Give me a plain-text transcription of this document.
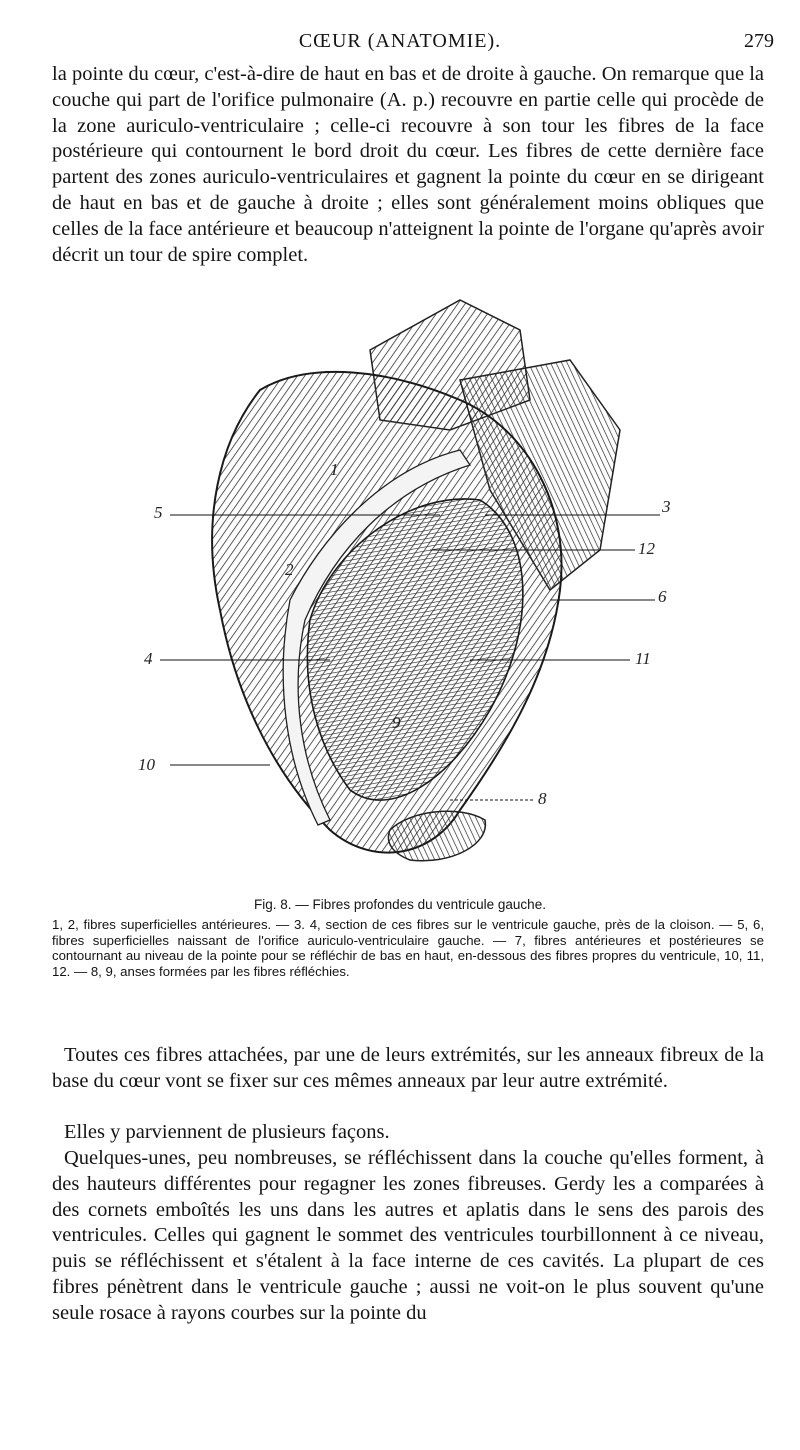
CŒUR (ANATOMIE).	279

la pointe du cœur, c'est-à-dire de haut en bas et de droite à gauche. On remarque que la couche qui part de l'orifice pulmonaire (A. p.) recouvre en partie celle qui procède de la zone auriculo-ventriculaire ; celle-ci recouvre à son tour les fibres de la face postérieure qui contournent le bord droit du cœur. Les fibres de cette dernière face partent des zones auriculo-ventriculaires et gagnent la pointe du cœur en se dirigeant de haut en bas et de gauche à droite ; elles sont généralement moins obliques que celles de la face antérieure et beaucoup n'atteignent la pointe de l'organe qu'après avoir décrit un tour de spire complet.

1
2
3
4
5
6
8
9
10
11
12
Fig. 8. — Fibres profondes du ventricule gauche.

1, 2, fibres superficielles antérieures. — 3. 4, section de ces fibres sur le ventricule gauche, près de la cloison. — 5, 6, fibres superficielles naissant de l'orifice auriculo-ventriculaire gauche. — 7, fibres antérieures et postérieures se contournant au niveau de la pointe pour se réfléchir de bas en haut, en-dessous des fibres propres du ventricule, 10, 11, 12. — 8, 9, anses formées par les fibres réfléchies.

Toutes ces fibres attachées, par une de leurs extrémités, sur les anneaux fibreux de la base du cœur vont se fixer sur ces mêmes anneaux par leur autre extrémité.

Elles y parviennent de plusieurs façons.

Quelques-unes, peu nombreuses, se réfléchissent dans la couche qu'elles forment, à des hauteurs différentes pour regagner les zones fibreuses. Gerdy les a comparées à des cornets emboîtés les uns dans les autres et aplatis dans le sens des parois des ventricules. Celles qui gagnent le sommet des ventricules tourbillonnent à ce niveau, puis se réfléchissent et s'étalent à la face interne de ces cavités. La plupart de ces fibres pénètrent dans le ventricule gauche ; aussi ne voit-on le plus souvent qu'une seule rosace à rayons courbes sur la pointe du
